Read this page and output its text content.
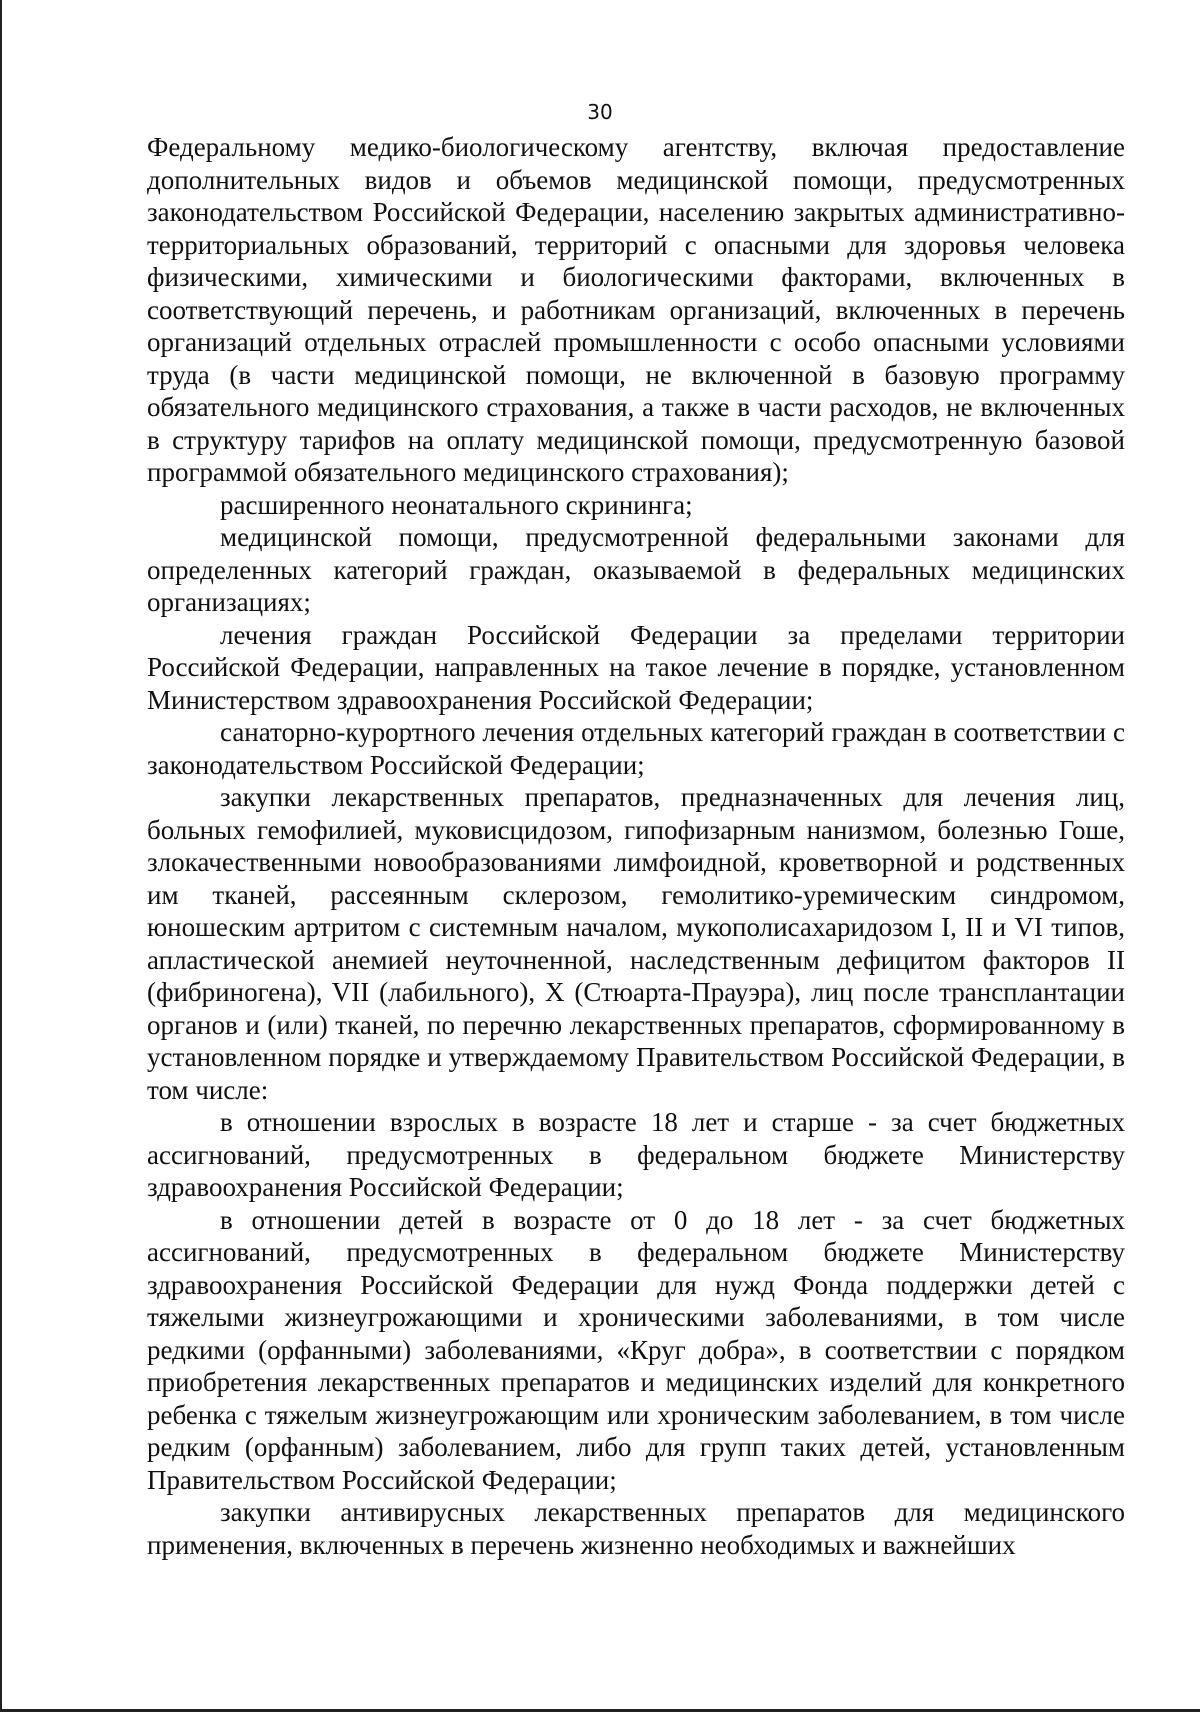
30

Федеральному медико-биологическому агентству, включая предоставление дополнительных видов и объемов медицинской помощи, предусмотренных законодательством Российской Федерации, населению закрытых административно-территориальных образований, территорий с опасными для здоровья человека физическими, химическими и биологическими факторами, включенных в соответствующий перечень, и работникам организаций, включенных в перечень организаций отдельных отраслей промышленности с особо опасными условиями труда (в части медицинской помощи, не включенной в базовую программу обязательного медицинского страхования, а также в части расходов, не включенных в структуру тарифов на оплату медицинской помощи, предусмотренную базовой программой обязательного медицинского страхования);

расширенного неонатального скрининга;

медицинской помощи, предусмотренной федеральными законами для определенных категорий граждан, оказываемой в федеральных медицинских организациях;

лечения граждан Российской Федерации за пределами территории Российской Федерации, направленных на такое лечение в порядке, установленном Министерством здравоохранения Российской Федерации;

санаторно-курортного лечения отдельных категорий граждан в соответствии с законодательством Российской Федерации;

закупки лекарственных препаратов, предназначенных для лечения лиц, больных гемофилией, муковисцидозом, гипофизарным нанизмом, болезнью Гоше, злокачественными новообразованиями лимфоидной, кроветворной и родственных им тканей, рассеянным склерозом, гемолитико-уремическим синдромом, юношеским артритом с системным началом, мукополисахаридозом I, II и VI типов, апластической анемией неуточненной, наследственным дефицитом факторов II (фибриногена), VII (лабильного), X (Стюарта-Прауэра), лиц после трансплантации органов и (или) тканей, по перечню лекарственных препаратов, сформированному в установленном порядке и утверждаемому Правительством Российской Федерации, в том числе:

в отношении взрослых в возрасте 18 лет и старше - за счет бюджетных ассигнований, предусмотренных в федеральном бюджете Министерству здравоохранения Российской Федерации;

в отношении детей в возрасте от 0 до 18 лет - за счет бюджетных ассигнований, предусмотренных в федеральном бюджете Министерству здравоохранения Российской Федерации для нужд Фонда поддержки детей с тяжелыми жизнеугрожающими и хроническими заболеваниями, в том числе редкими (орфанными) заболеваниями, «Круг добра», в соответствии с порядком приобретения лекарственных препаратов и медицинских изделий для конкретного ребенка с тяжелым жизнеугрожающим или хроническим заболеванием, в том числе редким (орфанным) заболеванием, либо для групп таких детей, установленным Правительством Российской Федерации;

закупки антивирусных лекарственных препаратов для медицинского применения, включенных в перечень жизненно необходимых и важнейших
